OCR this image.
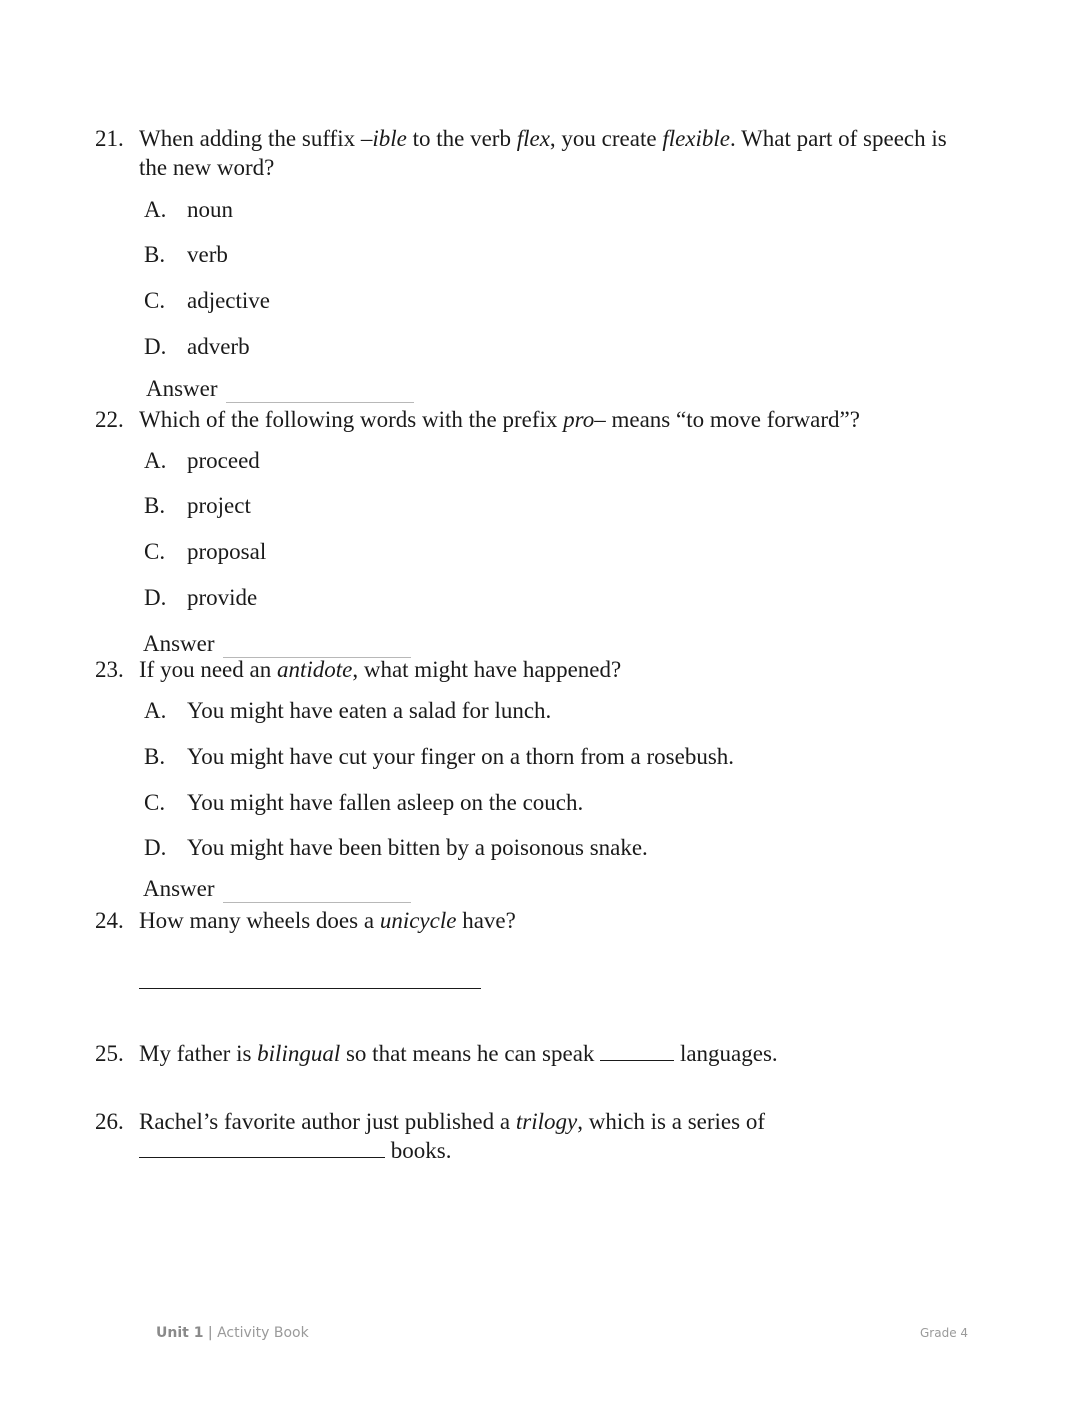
21. When adding the suffix –ible to the verb flex, you create flexible. What part of speech is the new word?
A. noun
B. verb
C. adjective
D. adverb
Answer
22. Which of the following words with the prefix pro– means “to move forward”?
A. proceed
B. project
C. proposal
D. provide
Answer
23. If you need an antidote, what might have happened?
A. You might have eaten a salad for lunch.
B. You might have cut your finger on a thorn from a rosebush.
C. You might have fallen asleep on the couch.
D. You might have been bitten by a poisonous snake.
Answer
24. How many wheels does a unicycle have?
25. My father is bilingual so that means he can speak	languages.
26. Rachel’s favorite author just published a trilogy, which is a series of
books.
Unit 1 | Activity Book	Grade 4
